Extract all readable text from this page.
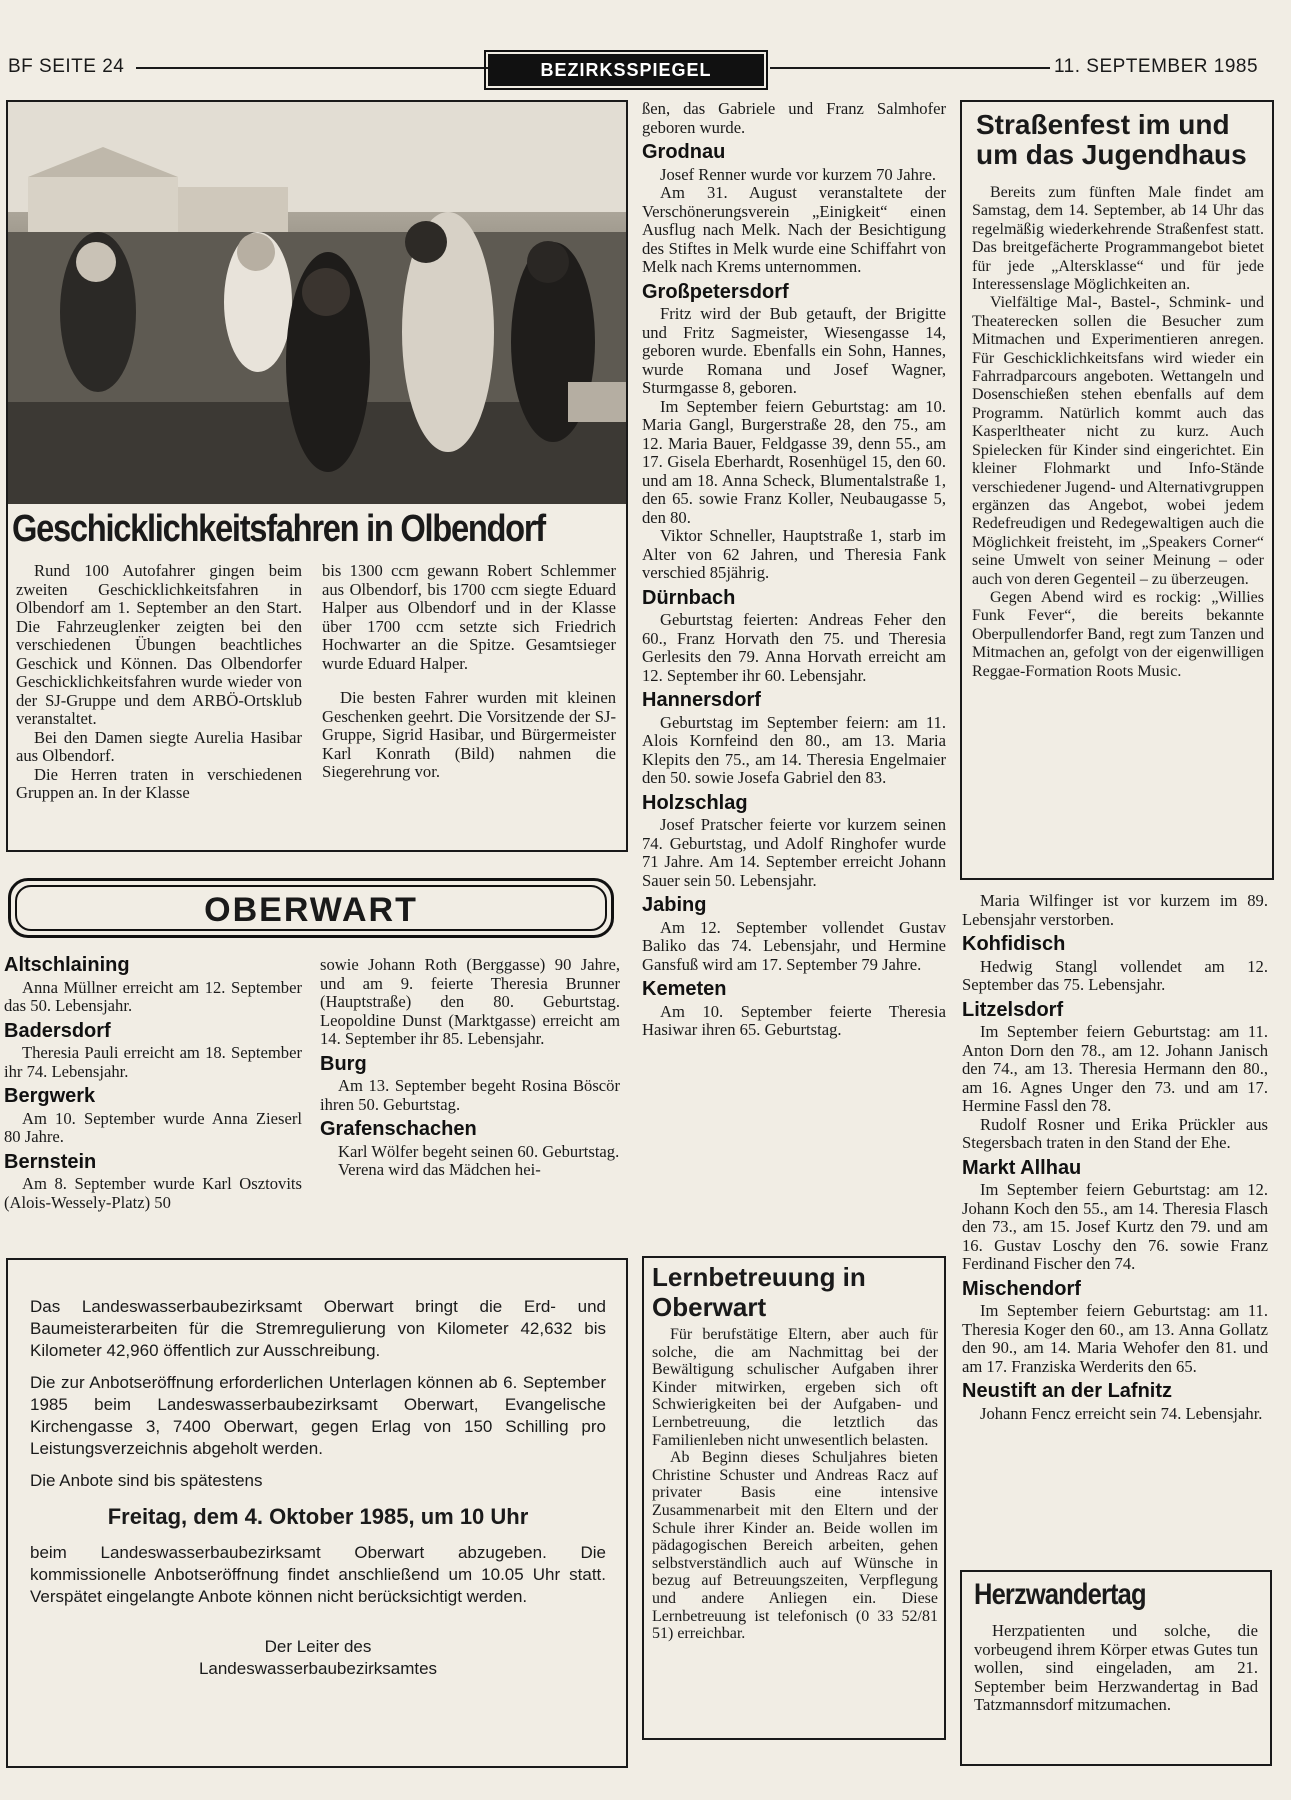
BF SEITE 24	BEZIRKSSPIEGEL	11. SEPTEMBER 1985
Geschicklichkeitsfahren in Olbendorf

Rund 100 Autofahrer gingen beim zweiten Geschicklichkeitsfahren in Olbendorf am 1. September an den Start. Die Fahrzeuglenker zeigten bei den verschiedenen Übungen beachtliches Geschick und Können. Das Olbendorfer Geschicklichkeitsfahren wurde wieder von der SJ-Gruppe und dem ARBÖ-Ortsklub veranstaltet.

Bei den Damen siegte Aurelia Hasibar aus Olbendorf.

Die Herren traten in verschiedenen Gruppen an. In der Klasse

bis 1300 ccm gewann Robert Schlemmer aus Olbendorf, bis 1700 ccm siegte Eduard Halper aus Olbendorf und in der Klasse über 1700 ccm setzte sich Friedrich Hochwarter an die Spitze. Gesamtsieger wurde Eduard Halper.

Die besten Fahrer wurden mit kleinen Geschenken geehrt. Die Vorsitzende der SJ-Gruppe, Sigrid Hasibar, und Bürgermeister Karl Konrath (Bild) nahmen die Siegerehrung vor.

ßen, das Gabriele und Franz Salmhofer geboren wurde.

Grodnau

Josef Renner wurde vor kurzem 70 Jahre.

Am 31. August veranstaltete der Verschönerungsverein „Einigkeit“ einen Ausflug nach Melk. Nach der Besichtigung des Stiftes in Melk wurde eine Schiffahrt von Melk nach Krems unternommen.

Großpetersdorf

Fritz wird der Bub getauft, der Brigitte und Fritz Sagmeister, Wiesengasse 14, geboren wurde. Ebenfalls ein Sohn, Hannes, wurde Romana und Josef Wagner, Sturmgasse 8, geboren.

Im September feiern Geburtstag: am 10. Maria Gangl, Burgerstraße 28, den 75., am 12. Maria Bauer, Feldgasse 39, denn 55., am 17. Gisela Eberhardt, Rosenhügel 15, den 60. und am 18. Anna Scheck, Blumentalstraße 1, den 65. sowie Franz Koller, Neubaugasse 5, den 80.

Viktor Schneller, Hauptstraße 1, starb im Alter von 62 Jahren, und Theresia Fank verschied 85jährig.

Dürnbach

Geburtstag feierten: Andreas Feher den 60., Franz Horvath den 75. und Theresia Gerlesits den 79. Anna Horvath erreicht am 12. September ihr 60. Lebensjahr.

Hannersdorf

Geburtstag im September feiern: am 11. Alois Kornfeind den 80., am 13. Maria Klepits den 75., am 14. Theresia Engelmaier den 50. sowie Josefa Gabriel den 83.

Holzschlag

Josef Pratscher feierte vor kurzem seinen 74. Geburtstag, und Adolf Ringhofer wurde 71 Jahre. Am 14. September erreicht Johann Sauer sein 50. Lebensjahr.

Jabing

Am 12. September vollendet Gustav Baliko das 74. Lebensjahr, und Hermine Gansfuß wird am 17. September 79 Jahre.

Kemeten

Am 10. September feierte Theresia Hasiwar ihren 65. Geburtstag.

Straßenfest im und um das Jugendhaus

Bereits zum fünften Male findet am Samstag, dem 14. September, ab 14 Uhr das regelmäßig wiederkehrende Straßenfest statt. Das breitgefächerte Programmangebot bietet für jede „Altersklasse“ und für jede Interessenslage Möglichkeiten an.

Vielfältige Mal-, Bastel-, Schmink- und Theaterecken sollen die Besucher zum Mitmachen und Experimentieren anregen. Für Geschicklichkeitsfans wird wieder ein Fahrradparcours angeboten. Wettangeln und Dosenschießen stehen ebenfalls auf dem Programm. Natürlich kommt auch das Kasperltheater nicht zu kurz. Auch Spielecken für Kinder sind eingerichtet. Ein kleiner Flohmarkt und Info-Stände verschiedener Jugend- und Alternativgruppen ergänzen das Angebot, wobei jedem Redefreudigen und Redegewaltigen auch die Möglichkeit freisteht, im „Speakers Corner“ seine Umwelt von seiner Meinung – oder auch von deren Gegenteil – zu überzeugen.

Gegen Abend wird es rockig: „Willies Funk Fever“, die bereits bekannte Oberpullendorfer Band, regt zum Tanzen und Mitmachen an, gefolgt von der eigenwilligen Reggae-Formation Roots Music.

Maria Wilfinger ist vor kurzem im 89. Lebensjahr verstorben.

Kohfidisch

Hedwig Stangl vollendet am 12. September das 75. Lebensjahr.

Litzelsdorf

Im September feiern Geburtstag: am 11. Anton Dorn den 78., am 12. Johann Janisch den 74., am 13. Theresia Hermann den 80., am 16. Agnes Unger den 73. und am 17. Hermine Fassl den 78.

Rudolf Rosner und Erika Prückler aus Stegersbach traten in den Stand der Ehe.

Markt Allhau

Im September feiern Geburtstag: am 12. Johann Koch den 55., am 14. Theresia Flasch den 73., am 15. Josef Kurtz den 79. und am 16. Gustav Loschy den 76. sowie Franz Ferdinand Fischer den 74.

Mischendorf

Im September feiern Geburtstag: am 11. Theresia Koger den 60., am 13. Anna Gollatz den 90., am 14. Maria Wehofer den 81. und am 17. Franziska Werderits den 65.

Neustift an der Lafnitz

Johann Fencz erreicht sein 74. Lebensjahr.

Herzwandertag

Herzpatienten und solche, die vorbeugend ihrem Körper etwas Gutes tun wollen, sind eingeladen, am 21. September beim Herzwandertag in Bad Tatzmannsdorf mitzumachen.

OBERWART
Altschlaining

Anna Müllner erreicht am 12. September das 50. Lebensjahr.

Badersdorf

Theresia Pauli erreicht am 18. September ihr 74. Lebensjahr.

Bergwerk

Am 10. September wurde Anna Zieserl 80 Jahre.

Bernstein

Am 8. September wurde Karl Osztovits (Alois-Wessely-Platz) 50

sowie Johann Roth (Berggasse) 90 Jahre, und am 9. feierte Theresia Brunner (Hauptstraße) den 80. Geburtstag. Leopoldine Dunst (Marktgasse) erreicht am 14. September ihr 85. Lebensjahr.

Burg

Am 13. September begeht Rosina Böscör ihren 50. Geburtstag.

Grafenschachen

Karl Wölfer begeht seinen 60. Geburtstag.

Verena wird das Mädchen hei-

Das Landeswasserbaubezirksamt Oberwart bringt die Erd- und Baumeisterarbeiten für die Stremregulierung von Kilometer 42,632 bis Kilometer 42,960 öffentlich zur Ausschreibung.

Die zur Anbotseröffnung erforderlichen Unterlagen können ab 6. September 1985 beim Landeswasserbaubezirksamt Oberwart, Evangelische Kirchengasse 3, 7400 Oberwart, gegen Erlag von 150 Schilling pro Leistungsverzeichnis abgeholt werden.

Die Anbote sind bis spätestens

Freitag, dem 4. Oktober 1985, um 10 Uhr

beim Landeswasserbaubezirksamt Oberwart abzugeben. Die kommissionelle Anbotseröffnung findet anschließend um 10.05 Uhr statt. Verspätet eingelangte Anbote können nicht berücksichtigt werden.

Der Leiter des

Landeswasserbaubezirksamtes

Lernbetreuung in Oberwart

Für berufstätige Eltern, aber auch für solche, die am Nachmittag bei der Bewältigung schulischer Aufgaben ihrer Kinder mitwirken, ergeben sich oft Schwierigkeiten bei der Aufgaben- und Lernbetreuung, die letztlich das Familienleben nicht unwesentlich belasten.

Ab Beginn dieses Schuljahres bieten Christine Schuster und Andreas Racz auf privater Basis eine intensive Zusammenarbeit mit den Eltern und der Schule ihrer Kinder an. Beide wollen im pädagogischen Bereich arbeiten, gehen selbstverständlich auch auf Wünsche in bezug auf Betreuungszeiten, Verpflegung und andere Anliegen ein. Diese Lernbetreuung ist telefonisch (0 33 52/81 51) erreichbar.
